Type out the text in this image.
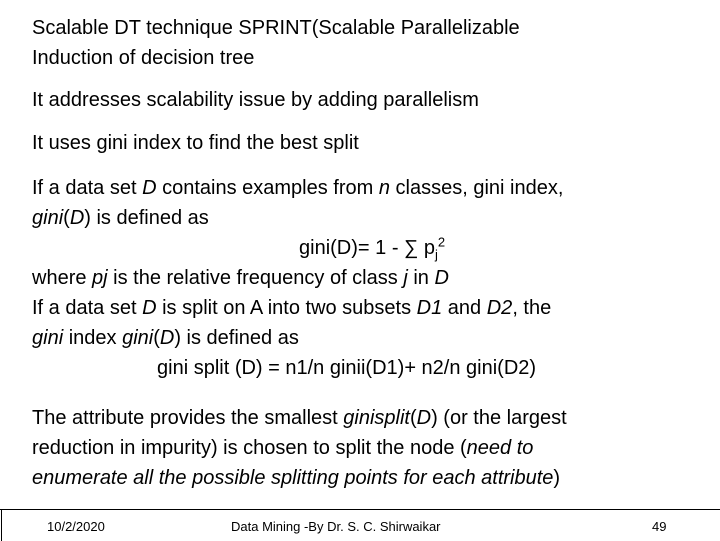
Scalable DT technique SPRINT(Scalable Parallelizable
Induction of decision tree
It addresses scalability issue by adding parallelism
It uses gini index to find the best split
If a data set D contains examples from n classes, gini index,
gini(D) is defined as
gini(D)= 1 - ∑ $p_j^2$
where pj is the relative frequency of class j in D
If a data set D is split on A into two subsets D1 and D2, the
gini index gini(D) is defined as
gini split (D) = n1/n ginii(D1)+ n2/n gini(D2)
The attribute provides the smallest ginisplit(D) (or the largest
reduction in impurity) is chosen to split the node (need to
enumerate all the possible splitting points for each attribute)
10/2/2020	Data Mining -By Dr. S. C. Shirwaikar	49
